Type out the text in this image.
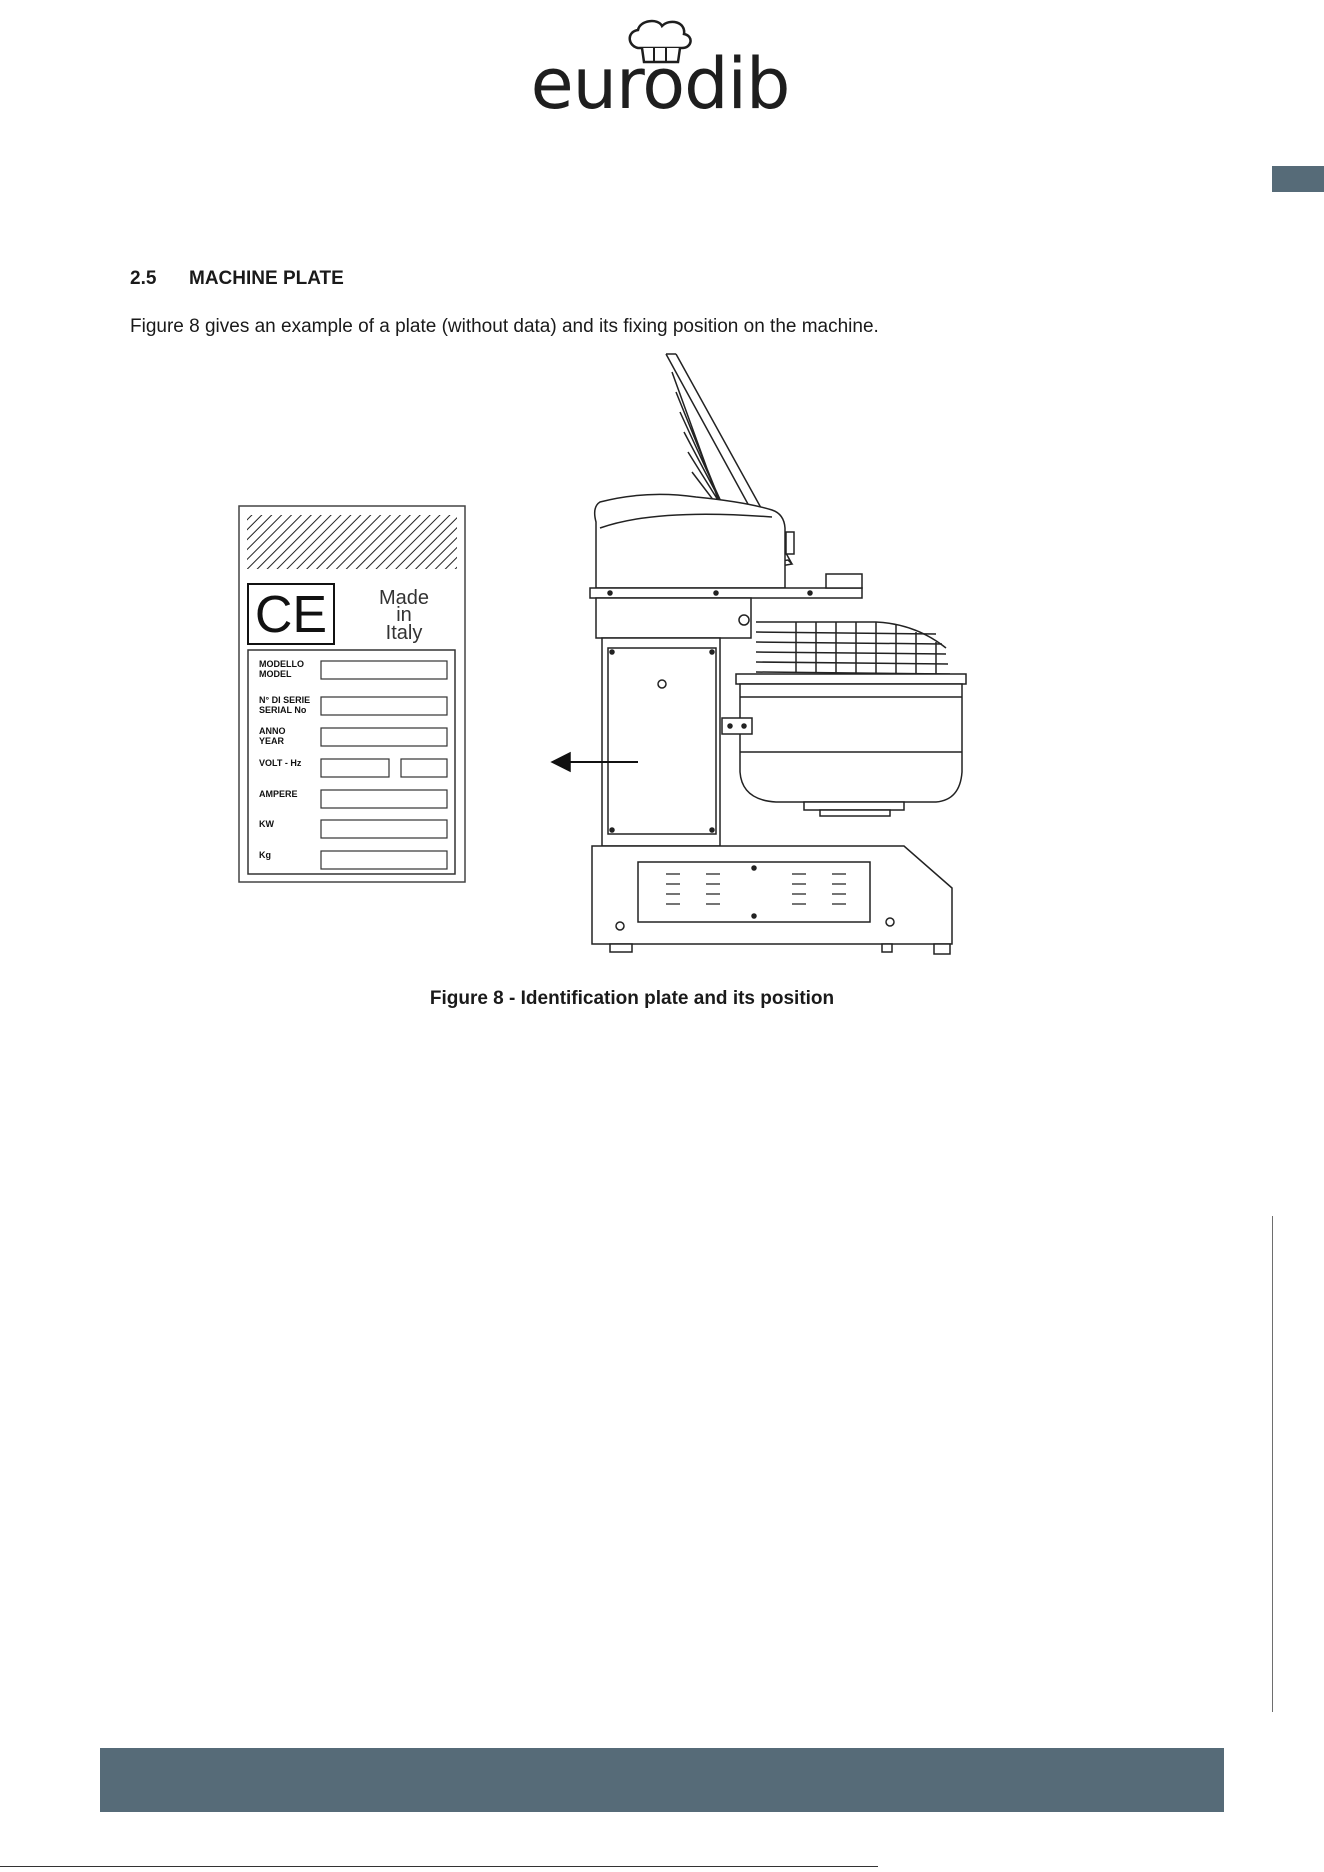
eurodib
2.5 MACHINE PLATE
Figure 8 gives an example of a plate (without data) and its fixing position on the machine.
CE	Made
in
Italy
MODELLO
MODEL
N° DI SERIE
SERIAL No
ANNO
YEAR
VOLT - Hz
AMPERE
KW
Kg
Figure 8 - Identification plate and its position
